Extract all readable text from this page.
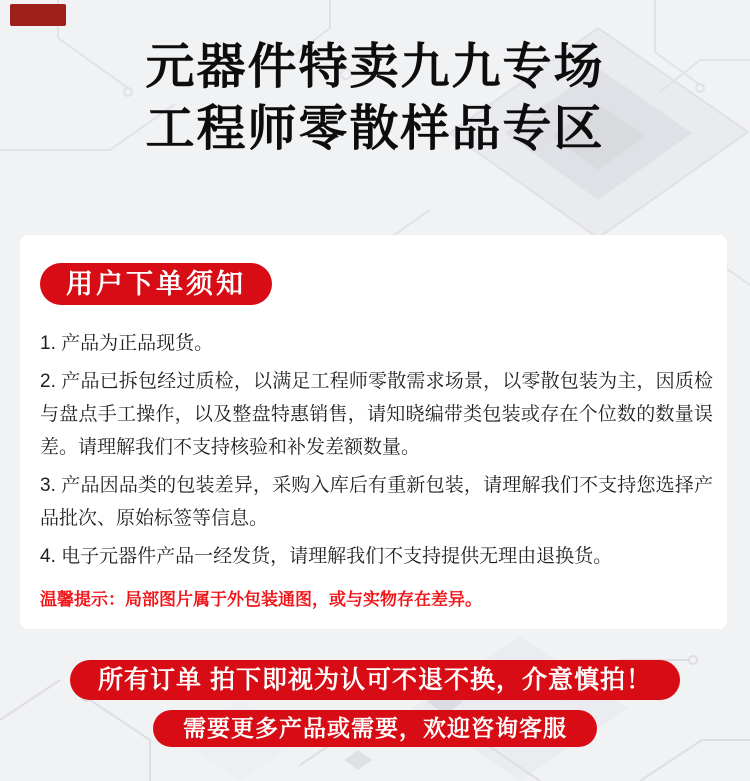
元器件特卖九九专场
工程师零散样品专区
用户下单须知

1. 产品为正品现货。

2. 产品已拆包经过质检，以满足工程师零散需求场景，以零散包装为主，因质检与盘点手工操作，以及整盘特惠销售，请知晓编带类包装或存在个位数的数量误差。请理解我们不支持核验和补发差额数量。

3. 产品因品类的包装差异，采购入库后有重新包装，请理解我们不支持您选择产品批次、原始标签等信息。

4. 电子元器件产品一经发货，请理解我们不支持提供无理由退换货。

温馨提示：局部图片属于外包装通图，或与实物存在差异。

所有订单 拍下即视为认可不退不换，介意慎拍！
需要更多产品或需要，欢迎咨询客服
